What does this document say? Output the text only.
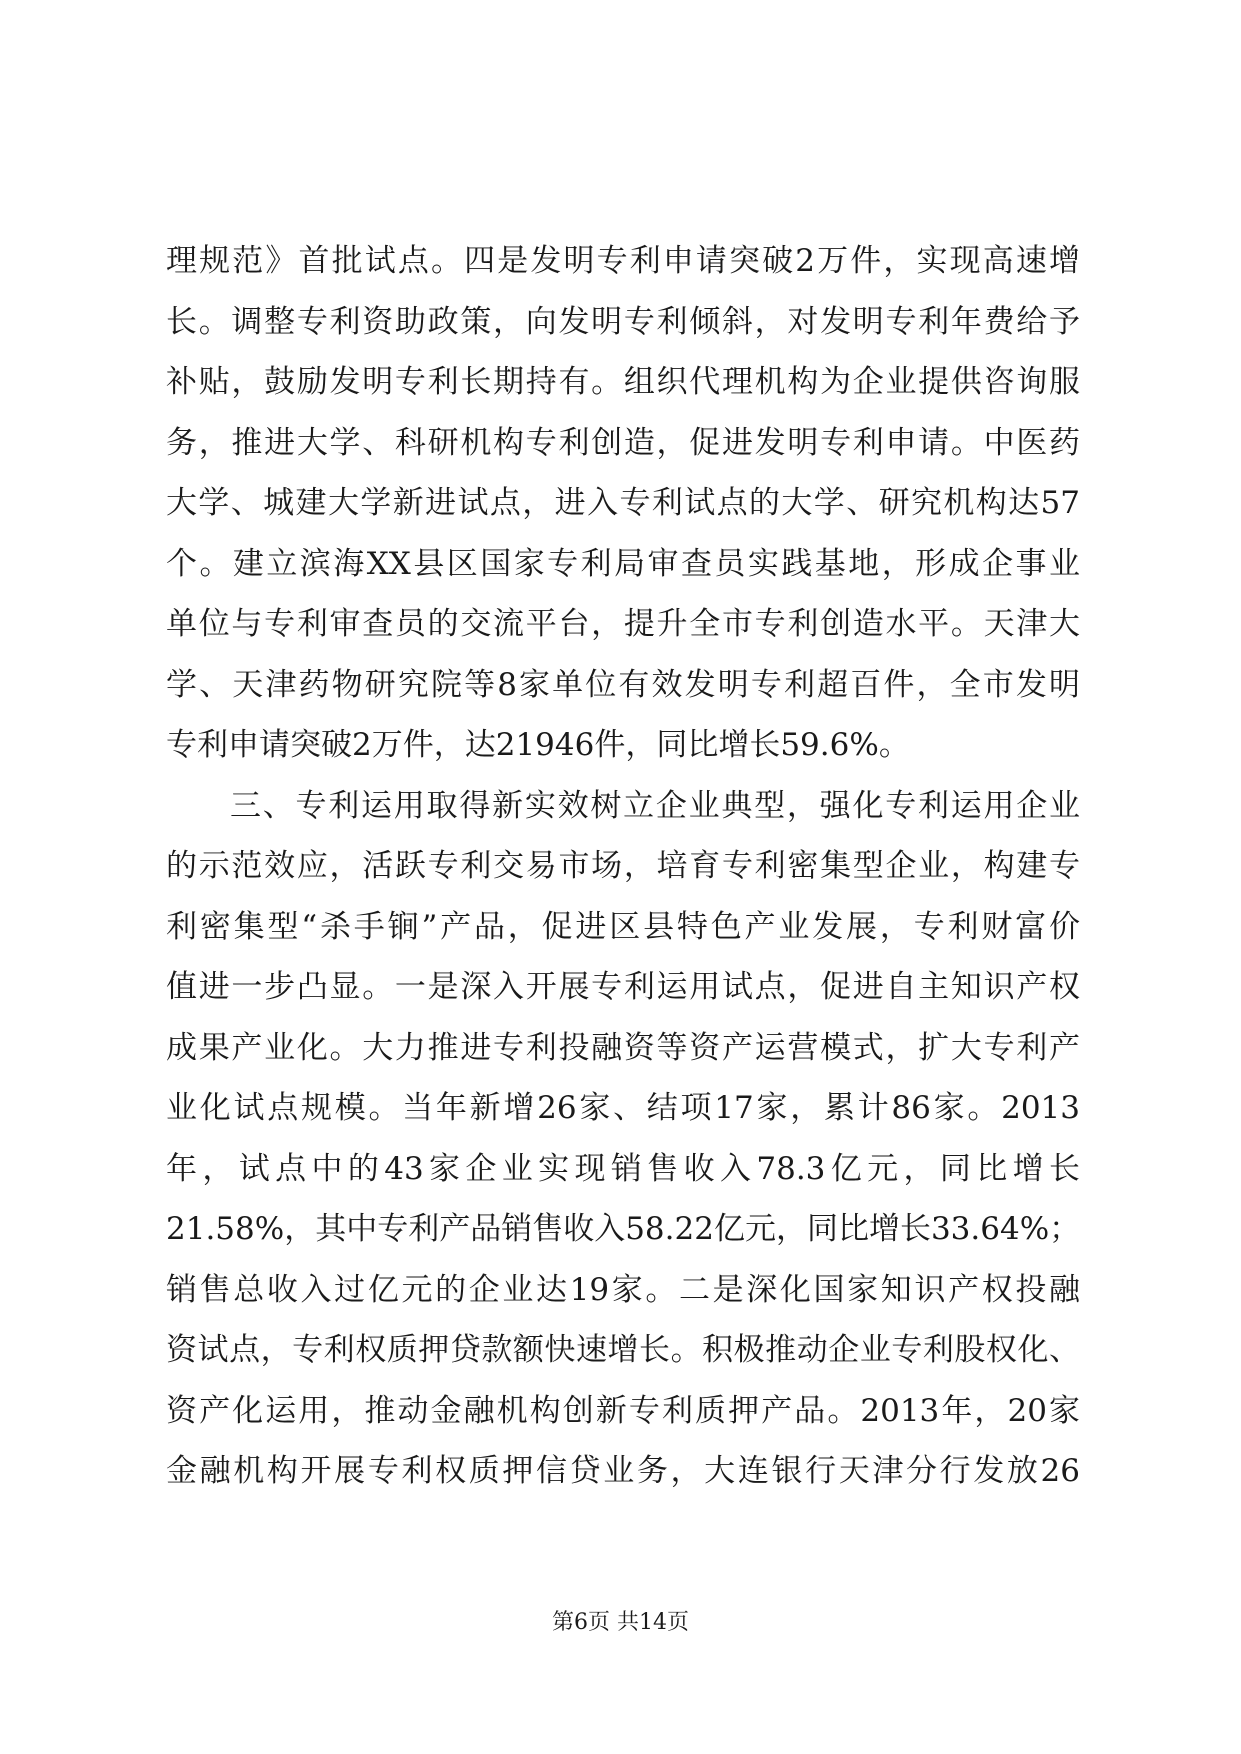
理规范》首批试点。四是发明专利申请突破2万件，实现高速增
长。调整专利资助政策，向发明专利倾斜，对发明专利年费给予
补贴，鼓励发明专利长期持有。组织代理机构为企业提供咨询服
务，推进大学、科研机构专利创造，促进发明专利申请。中医药
大学、城建大学新进试点，进入专利试点的大学、研究机构达57
个。建立滨海XX县区国家专利局审查员实践基地，形成企事业
单位与专利审查员的交流平台，提升全市专利创造水平。天津大
学、天津药物研究院等8家单位有效发明专利超百件，全市发明
专利申请突破2万件，达21946件，同比增长59.6%。
三、专利运用取得新实效树立企业典型，强化专利运用企业
的示范效应，活跃专利交易市场，培育专利密集型企业，构建专
利密集型“杀手锏”产品，促进区县特色产业发展，专利财富价
值进一步凸显。一是深入开展专利运用试点，促进自主知识产权
成果产业化。大力推进专利投融资等资产运营模式，扩大专利产
业化试点规模。当年新增26家、结项17家，累计86家。2013
年，试点中的43家企业实现销售收入78.3亿元，同比增长
21.58%，其中专利产品销售收入58.22亿元，同比增长33.64%；
销售总收入过亿元的企业达19家。二是深化国家知识产权投融
资试点，专利权质押贷款额快速增长。积极推动企业专利股权化、
资产化运用，推动金融机构创新专利质押产品。2013年，20家
金融机构开展专利权质押信贷业务，大连银行天津分行发放26
第6页 共14页
